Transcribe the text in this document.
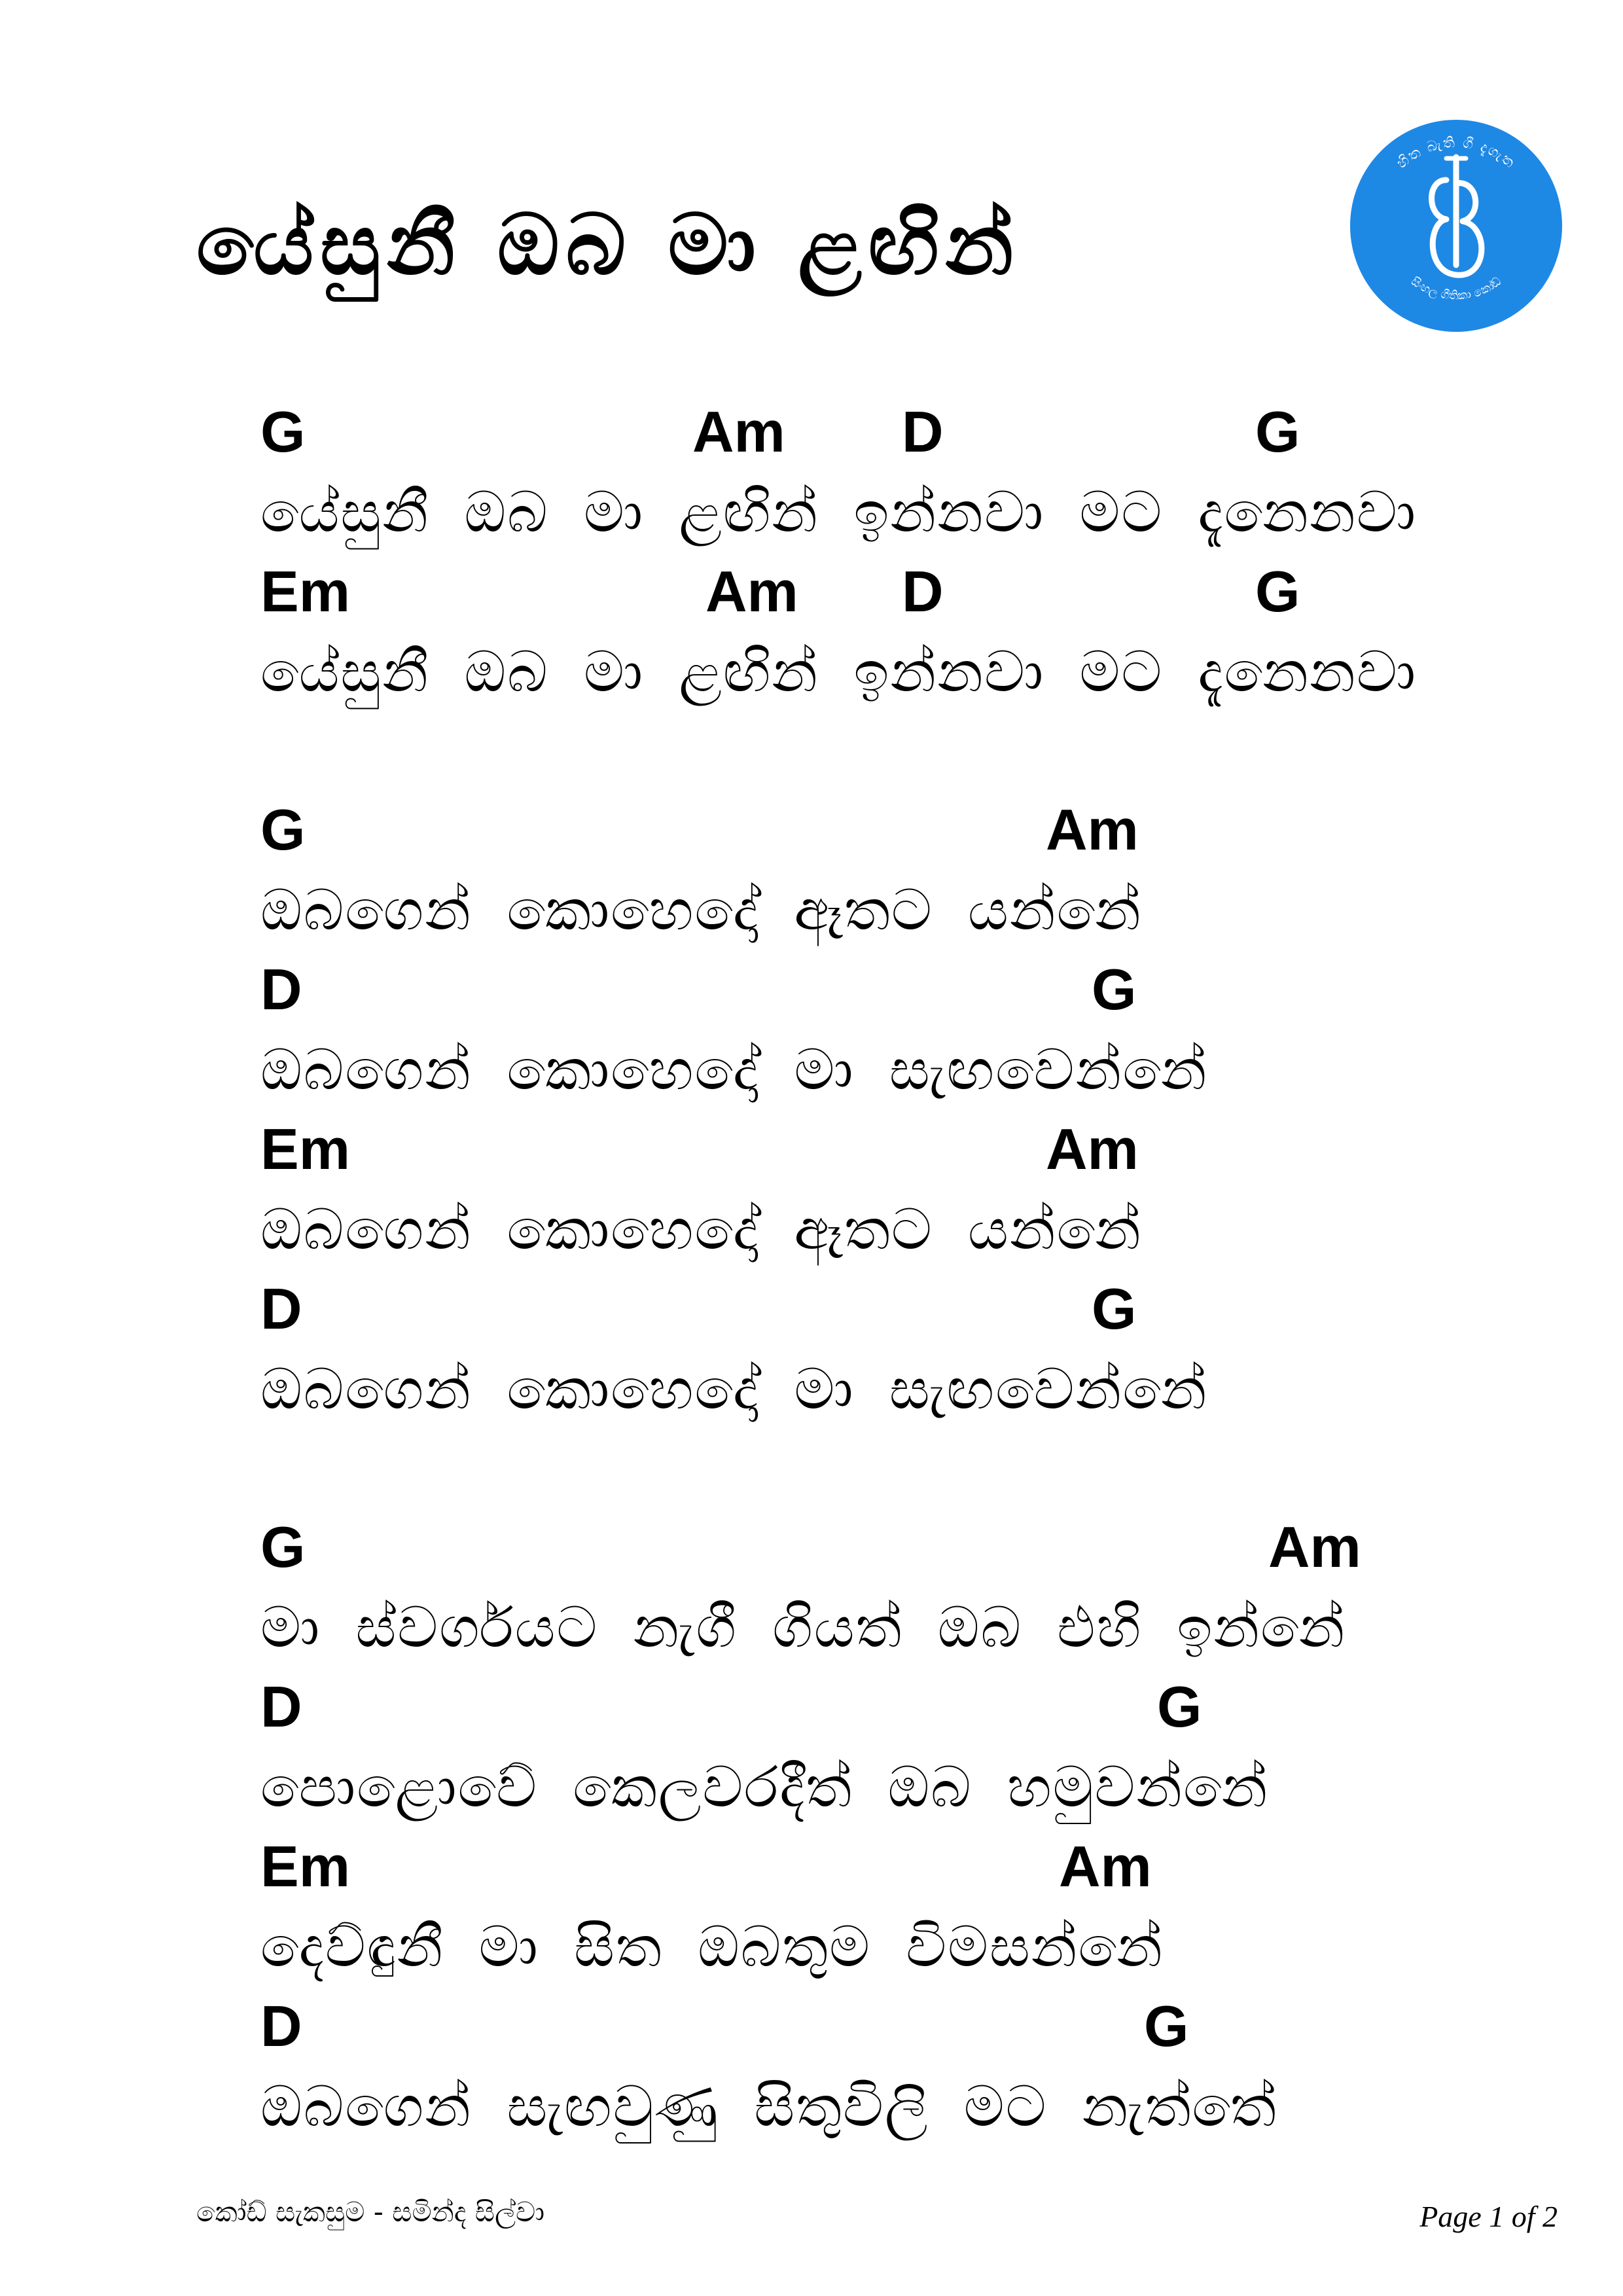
යේසුනී ඔබ මා ළඟින්
හිත බැති ගී දැගැත
සිංහල ගීතිකා කෝඩ්
G	Am D	G
යේසුනී ඔබ මා ළඟින් ඉන්නවා මට දැනෙනවා
Em	Am D	G
යේසුනී ඔබ මා ළඟින් ඉන්නවා මට දැනෙනවා
G	Am
ඔබගෙන් කොහෙදෝ ඈතට යන්නේ
D	G
ඔබගෙන් කොහෙදෝ මා සැඟවෙන්නේ
Em	Am
ඔබගෙන් කොහෙදෝ ඈතට යන්නේ
D	G
ඔබගෙන් කොහෙදෝ මා සැඟවෙන්නේ
G	Am
මා ස්වර්ගයට නැගී ගියත් ඔබ එහි ඉන්නේ
D	G
පොළොවේ කෙලවරදීත් ඔබ හමුවන්නේ
Em	Am
දෙව්ඳුනී මා සිත ඔබතුම විමසන්නේ
D	G
ඔබගෙන් සැඟවුණු සිතුවිලි මට නැත්තේ
කෝඩ් සැකසුම - සමින්ද සිල්වා	Page 1 of 2
